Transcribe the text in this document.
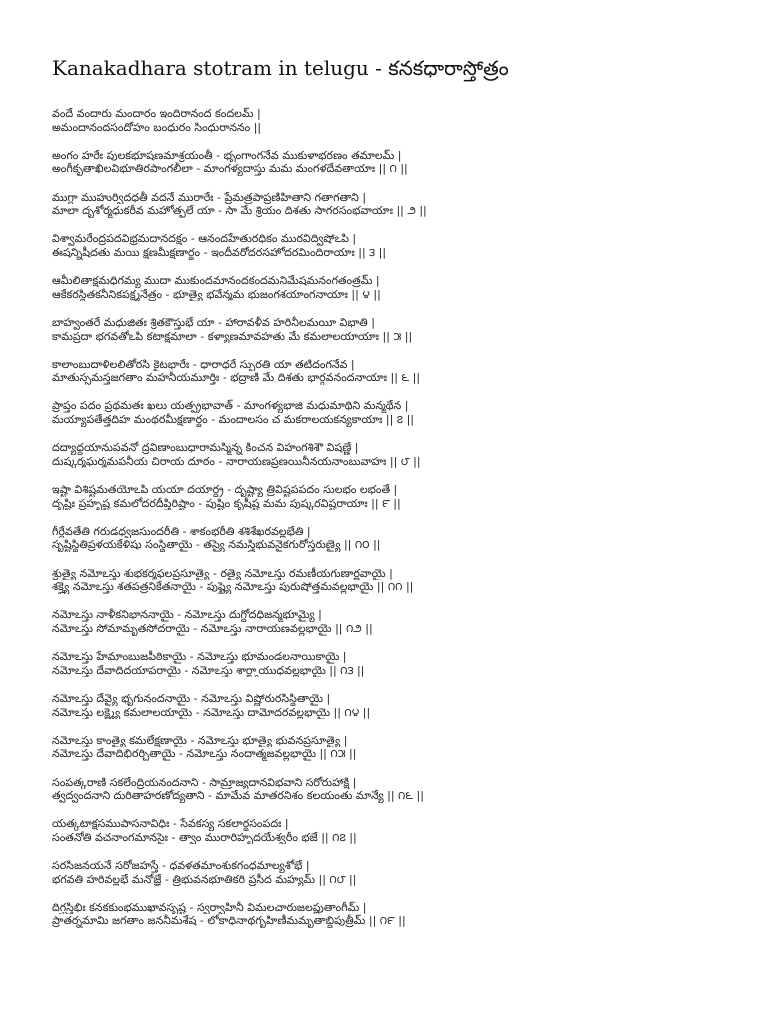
Kanakadhara stotram in telugu - కనకధారాస్తోత్రం
వందే వందారు మందారం ఇందిరానంద కందలమ్ |
అమందానందసందోహం బంధురం సింధురాననం ||
అంగం హరేః పులకభూషణమాశ్రయంతీ - భృంగాంగనేవ ముకుళాభరణం తమాలమ్ |
అంగీకృతాఖిలవిభూతిరపాంగలీలా - మాంగళ్యదాస్తు మమ మంగళదేవతాయాః || ౧ ||
ముగ్ధా ముహుర్విదధతీ వదనే మురారేః - ప్రేమత్రపాప్రణిహితాని గతాగతాని |
మాలా దృశోర్మధుకరీవ మహోత్పలే యా - సా మే శ్రియం దిశతు సాగరసంభవాయాః || ౨ ||
విశ్వామరేంద్రపదవిభ్రమదానదక్షం - ఆనందహేతురధికం మురవిద్విషోఽపి |
ఈషన్నిషీదతు మయి క్షణమీక్షణార్థం - ఇందీవరోదరసహోదరమిందిరాయాః || ౩ ||
ఆమీలితాక్షమధిగమ్య ముదా ముకుందమానందకందమనిమేషమనంగతంత్రమ్ |
ఆకేకరస్థితకనీనికపక్ష్మనేత్రం - భూత్యై భవేన్మమ భుజంగశయాంగనాయాః || ౪ ||
బాహ్వంతరే మధుజితః శ్రితకౌస్తుభే యా - హారావళీవ హరినీలమయీ విభాతి |
కామప్రదా భగవతోఽపి కటాక్షమాలా - కళ్యాణమావహతు మే కమలాలయాయాః || ౫ ||
కాలాంబుదాళిలలితోరసి కైటభారేః - ధారాధరే స్ఫురతి యా తటిదంగనేవ |
మాతుస్సమస్తజగతాం మహనీయమూర్తిః - భద్రాణి మే దిశతు భార్గవనందనాయాః || ౬ ||
ప్రాప్తం పదం ప్రథమతః ఖలు యత్ప్రభావాత్ - మాంగళ్యభాజి మధుమాథిని మన్మథేన |
మయ్యాపతేత్తదిహ మంథరమీక్షణార్థం - మందాలసం చ మకరాలయకన్యకాయాః || ౭ ||
దద్యాద్దయానుపవనో ద్రవిణాంబుధారామస్మిన్న కించన విహంగశిశౌ విషణ్ణే |
దుష్కర్మఘర్మమపనీయ చిరాయ దూరం - నారాయణప్రణయినీనయనాంబువాహః || ౮ ||
ఇష్టా విశిష్టమతయోఽపి యయా దయార్ద్ర - దృష్ట్యా త్రివిష్టపపదం సులభం లభంతే |
దృష్టిః ప్రహృష్ట కమలోదరదీప్తిరిష్టాం - పుష్టిం కృషీష్ట మమ పుష్కరవిష్టరాయాః || ౯ ||
గీర్దేవతేతి గరుడధ్వజసుందరీతి - శాకంభరీతి శశిశేఖరవల్లభేతి |
సృష్టిస్థితిప్రళయకేళిషు సంస్థితాయై - తస్యై నమస్త్రిభువనైకగురోస్తరుణ్యై || ౧౦ ||
శ్రుత్యై నమోఽస్తు శుభకర్మఫలప్రసూత్యై - రత్యై నమోఽస్తు రమణీయగుణార్ణవాయై |
శక్త్యై నమోఽస్తు శతపత్రనికేతనాయై - పుష్ట్యై నమోఽస్తు పురుషోత్తమవల్లభాయై || ౧౧ ||
నమోఽస్తు నాళీకనిభాననాయై - నమోఽస్తు దుగ్ధోదధిజన్మభూమ్యై |
నమోఽస్తు సోమామృతసోదరాయై - నమోఽస్తు నారాయణవల్లభాయై || ౧౨ ||
నమోఽస్తు హేమాంబుజపీఠికాయై - నమోఽస్తు భూమండలనాయికాయై |
నమోఽస్తు దేవాదిదయాపరాయై - నమోఽస్తు శార్ఙ్గాయుధవల్లభాయై || ౧౩ ||
నమోఽస్తు దేవ్యై భృగునందనాయై - నమోఽస్తు విష్ణోరురసిస్థితాయై |
నమోఽస్తు లక్ష్మ్యై కమలాలయాయై - నమోఽస్తు దామోదరవల్లభాయై || ౧౪ ||
నమోఽస్తు కాంత్యై కమలేక్షణాయై - నమోఽస్తు భూత్యై భువనప్రసూత్యై |
నమోఽస్తు దేవాదిభిరర్చితాయై - నమోఽస్తు నందాత్మజవల్లభాయై || ౧౫ ||
సంపత్కరాణి సకలేంద్రియనందనాని - సామ్రాజ్యదానవిభవాని సరోరుహాక్షి |
త్వద్వందనాని దురితాహరణోద్యతాని - మామేవ మాతరనిశం కలయంతు మాన్యే || ౧౬ ||
యత్కటాక్షసముపాసనావిధిః - సేవకస్య సకలార్థసంపదః |
సంతనోతి వచనాంగమానసైః - త్వాం మురారిహృదయేశ్వరీం భజే || ౧౭ ||
సరసిజనయనే సరోజహస్తే - ధవళతమాంశుకగంధమాల్యశోభే |
భగవతి హరివల్లభే మనోజ్ఞే - త్రిభువనభూతికరి ప్రసీద మహ్యమ్ || ౧౮ ||
దిగ్ఘస్తిభిః కనకకుంభముఖావసృష్ట - స్వర్వాహినీ విమలచారుజలప్లుతాంగీమ్ |
ప్రాతర్నమామి జగతాం జననీమశేష - లోకాధినాథగృహిణీమమృతాబ్ధిపుత్రీమ్ || ౧౯ ||
